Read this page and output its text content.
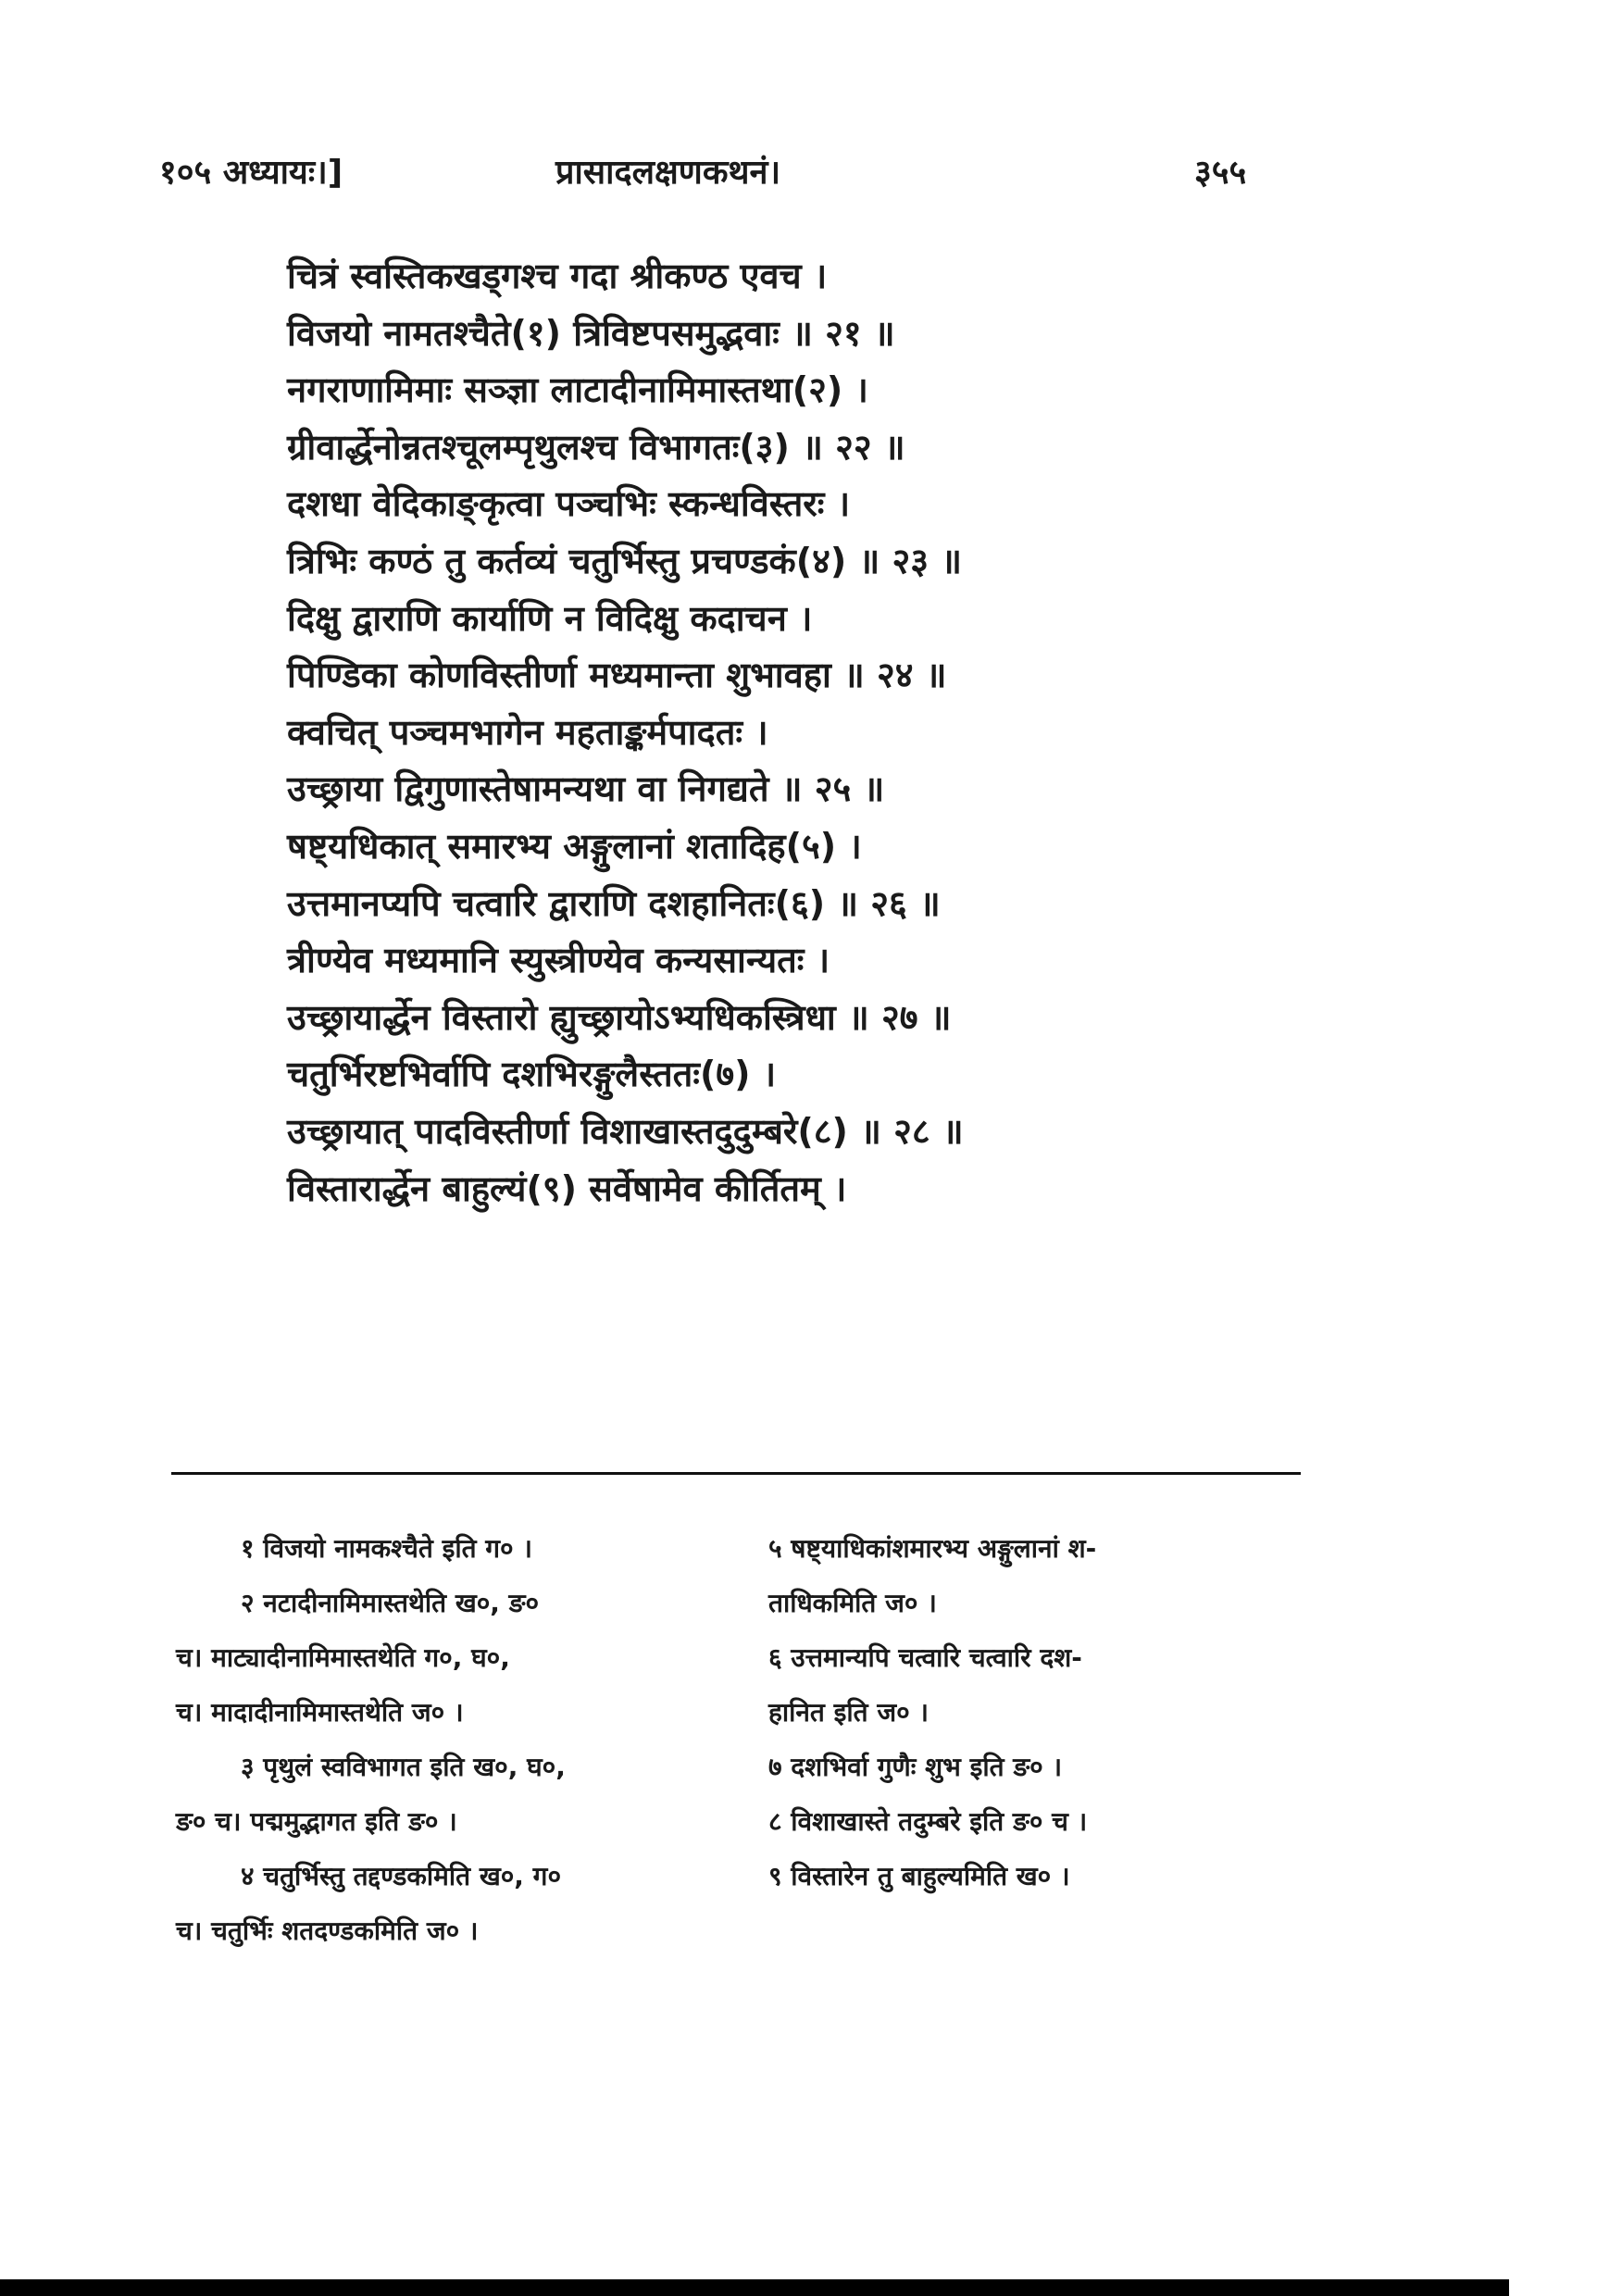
१०५ अध्यायः।]	प्रासादलक्षणकथनं।	३५५
चित्रं स्वस्तिकखड्गश्च गदा श्रीकण्ठ एवच ।
विजयो नामतश्चैते(१) त्रिविष्टपसमुद्भवाः ॥ २१ ॥
नगराणामिमाः सञ्ज्ञा लाटादीनामिमास्तथा(२) ।
ग्रीवार्द्धेनोन्नतश्चूलम्पृथुलश्च विभागतः(३) ॥ २२ ॥
दशधा वेदिकाङ्कृत्वा पञ्चभिः स्कन्धविस्तरः ।
त्रिभिः कण्ठं तु कर्तव्यं चतुर्भिस्तु प्रचण्डकं(४) ॥ २३ ॥
दिक्षु द्वाराणि कार्याणि न विदिक्षु कदाचन ।
पिण्डिका कोणविस्तीर्णा मध्यमान्ता शुभावहा ॥ २४ ॥
क्वचित् पञ्चमभागेन महताङ्कर्मपादतः ।
उच्छ्राया द्विगुणास्तेषामन्यथा वा निगद्यते ॥ २५ ॥
षष्ट्यधिकात् समारभ्य अङ्गुलानां शतादिह(५) ।
उत्तमानप्यपि चत्वारि द्वाराणि दशहानितः(६) ॥ २६ ॥
त्रीण्येव मध्यमानि स्युस्त्रीण्येव कन्यसान्यतः ।
उच्छ्रायार्द्धेन विस्तारो ह्युच्छ्रायोऽभ्यधिकस्त्रिधा ॥ २७ ॥
चतुर्भिरष्टभिर्वापि दशभिरङ्गुलैस्ततः(७) ।
उच्छ्रायात् पादविस्तीर्णा विशाखास्तदुदुम्बरे(८) ॥ २८ ॥
विस्तारार्द्धेन बाहुल्यं(९) सर्वेषामेव कीर्तितम् ।
१ विजयो नामकश्चैते इति ग० ।
२ नटादीनामिमास्तथेति ख०, ङ०
च। माट्यादीनामिमास्तथेति ग०, घ०,
च। मादादीनामिमास्तथेति ज० ।
३ पृथुलं स्वविभागत इति ख०, घ०,
ङ० च। पद्ममुद्भागत इति ङ० ।
४ चतुर्भिस्तु तद्दण्डकमिति ख०, ग०
च। चतुर्भिः शतदण्डकमिति ज० ।
५ षष्ट्याधिकांशमारभ्य अङ्गुलानां श-
ताधिकमिति ज० ।
६ उत्तमान्यपि चत्वारि चत्वारि दश-
हानित इति ज० ।
७ दशभिर्वा गुणैः शुभ इति ङ० ।
८ विशाखास्ते तदुम्बरे इति ङ० च ।
९ विस्तारेन तु बाहुल्यमिति ख० ।
